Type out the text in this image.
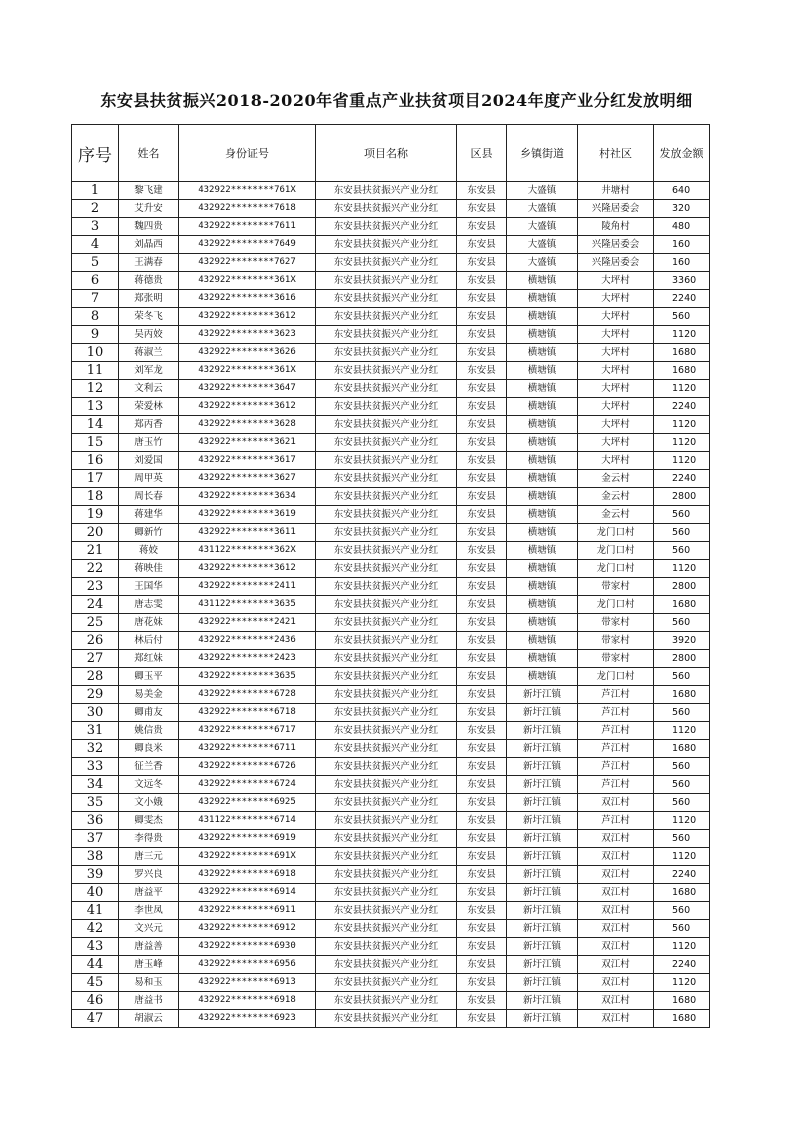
东安县扶贫振兴2018-2020年省重点产业扶贫项目2024年度产业分红发放明细
序号	姓名	身份证号	项目名称	区县	乡镇街道	村社区	发放金额
1	黎飞建	432922********761X	东安县扶贫振兴产业分红	东安县	大盛镇	井塘村	640
2	艾升安	432922********7618	东安县扶贫振兴产业分红	东安县	大盛镇	兴隆居委会	320
3	魏四贵	432922********7611	东安县扶贫振兴产业分红	东安县	大盛镇	陵角村	480
4	刘晶西	432922********7649	东安县扶贫振兴产业分红	东安县	大盛镇	兴隆居委会	160
5	王满春	432922********7627	东安县扶贫振兴产业分红	东安县	大盛镇	兴隆居委会	160
6	蒋德贵	432922********361X	东安县扶贫振兴产业分红	东安县	横塘镇	大坪村	3360
7	郑张明	432922********3616	东安县扶贫振兴产业分红	东安县	横塘镇	大坪村	2240
8	荣冬飞	432922********3612	东安县扶贫振兴产业分红	东安县	横塘镇	大坪村	560
9	吴丙姣	432922********3623	东安县扶贫振兴产业分红	东安县	横塘镇	大坪村	1120
10	蒋淑兰	432922********3626	东安县扶贫振兴产业分红	东安县	横塘镇	大坪村	1680
11	刘军龙	432922********361X	东安县扶贫振兴产业分红	东安县	横塘镇	大坪村	1680
12	文利云	432922********3647	东安县扶贫振兴产业分红	东安县	横塘镇	大坪村	1120
13	荣爱林	432922********3612	东安县扶贫振兴产业分红	东安县	横塘镇	大坪村	2240
14	郑丙香	432922********3628	东安县扶贫振兴产业分红	东安县	横塘镇	大坪村	1120
15	唐玉竹	432922********3621	东安县扶贫振兴产业分红	东安县	横塘镇	大坪村	1120
16	刘爱国	432922********3617	东安县扶贫振兴产业分红	东安县	横塘镇	大坪村	1120
17	周甲英	432922********3627	东安县扶贫振兴产业分红	东安县	横塘镇	金云村	2240
18	周长春	432922********3634	东安县扶贫振兴产业分红	东安县	横塘镇	金云村	2800
19	蒋建华	432922********3619	东安县扶贫振兴产业分红	东安县	横塘镇	金云村	560
20	卿新竹	432922********3611	东安县扶贫振兴产业分红	东安县	横塘镇	龙门口村	560
21	蒋姣	431122********362X	东安县扶贫振兴产业分红	东安县	横塘镇	龙门口村	560
22	蒋映佳	432922********3612	东安县扶贫振兴产业分红	东安县	横塘镇	龙门口村	1120
23	王国华	432922********2411	东安县扶贫振兴产业分红	东安县	横塘镇	带家村	2800
24	唐志雯	431122********3635	东安县扶贫振兴产业分红	东安县	横塘镇	龙门口村	1680
25	唐花妹	432922********2421	东安县扶贫振兴产业分红	东安县	横塘镇	带家村	560
26	林后付	432922********2436	东安县扶贫振兴产业分红	东安县	横塘镇	带家村	3920
27	郑红妹	432922********2423	东安县扶贫振兴产业分红	东安县	横塘镇	带家村	2800
28	卿玉平	432922********3635	东安县扶贫振兴产业分红	东安县	横塘镇	龙门口村	560
29	易美金	432922********6728	东安县扶贫振兴产业分红	东安县	新圩江镇	芦江村	1680
30	卿甫友	432922********6718	东安县扶贫振兴产业分红	东安县	新圩江镇	芦江村	560
31	姚信贵	432922********6717	东安县扶贫振兴产业分红	东安县	新圩江镇	芦江村	1120
32	卿良米	432922********6711	东安县扶贫振兴产业分红	东安县	新圩江镇	芦江村	1680
33	征兰香	432922********6726	东安县扶贫振兴产业分红	东安县	新圩江镇	芦江村	560
34	文远冬	432922********6724	东安县扶贫振兴产业分红	东安县	新圩江镇	芦江村	560
35	文小娥	432922********6925	东安县扶贫振兴产业分红	东安县	新圩江镇	双江村	560
36	卿雯杰	431122********6714	东安县扶贫振兴产业分红	东安县	新圩江镇	芦江村	1120
37	李得贵	432922********6919	东安县扶贫振兴产业分红	东安县	新圩江镇	双江村	560
38	唐三元	432922********691X	东安县扶贫振兴产业分红	东安县	新圩江镇	双江村	1120
39	罗兴良	432922********6918	东安县扶贫振兴产业分红	东安县	新圩江镇	双江村	2240
40	唐益平	432922********6914	东安县扶贫振兴产业分红	东安县	新圩江镇	双江村	1680
41	李世凤	432922********6911	东安县扶贫振兴产业分红	东安县	新圩江镇	双江村	560
42	文兴元	432922********6912	东安县扶贫振兴产业分红	东安县	新圩江镇	双江村	560
43	唐益善	432922********6930	东安县扶贫振兴产业分红	东安县	新圩江镇	双江村	1120
44	唐玉峰	432922********6956	东安县扶贫振兴产业分红	东安县	新圩江镇	双江村	2240
45	易和玉	432922********6913	东安县扶贫振兴产业分红	东安县	新圩江镇	双江村	1120
46	唐益书	432922********6918	东安县扶贫振兴产业分红	东安县	新圩江镇	双江村	1680
47	胡淑云	432922********6923	东安县扶贫振兴产业分红	东安县	新圩江镇	双江村	1680
